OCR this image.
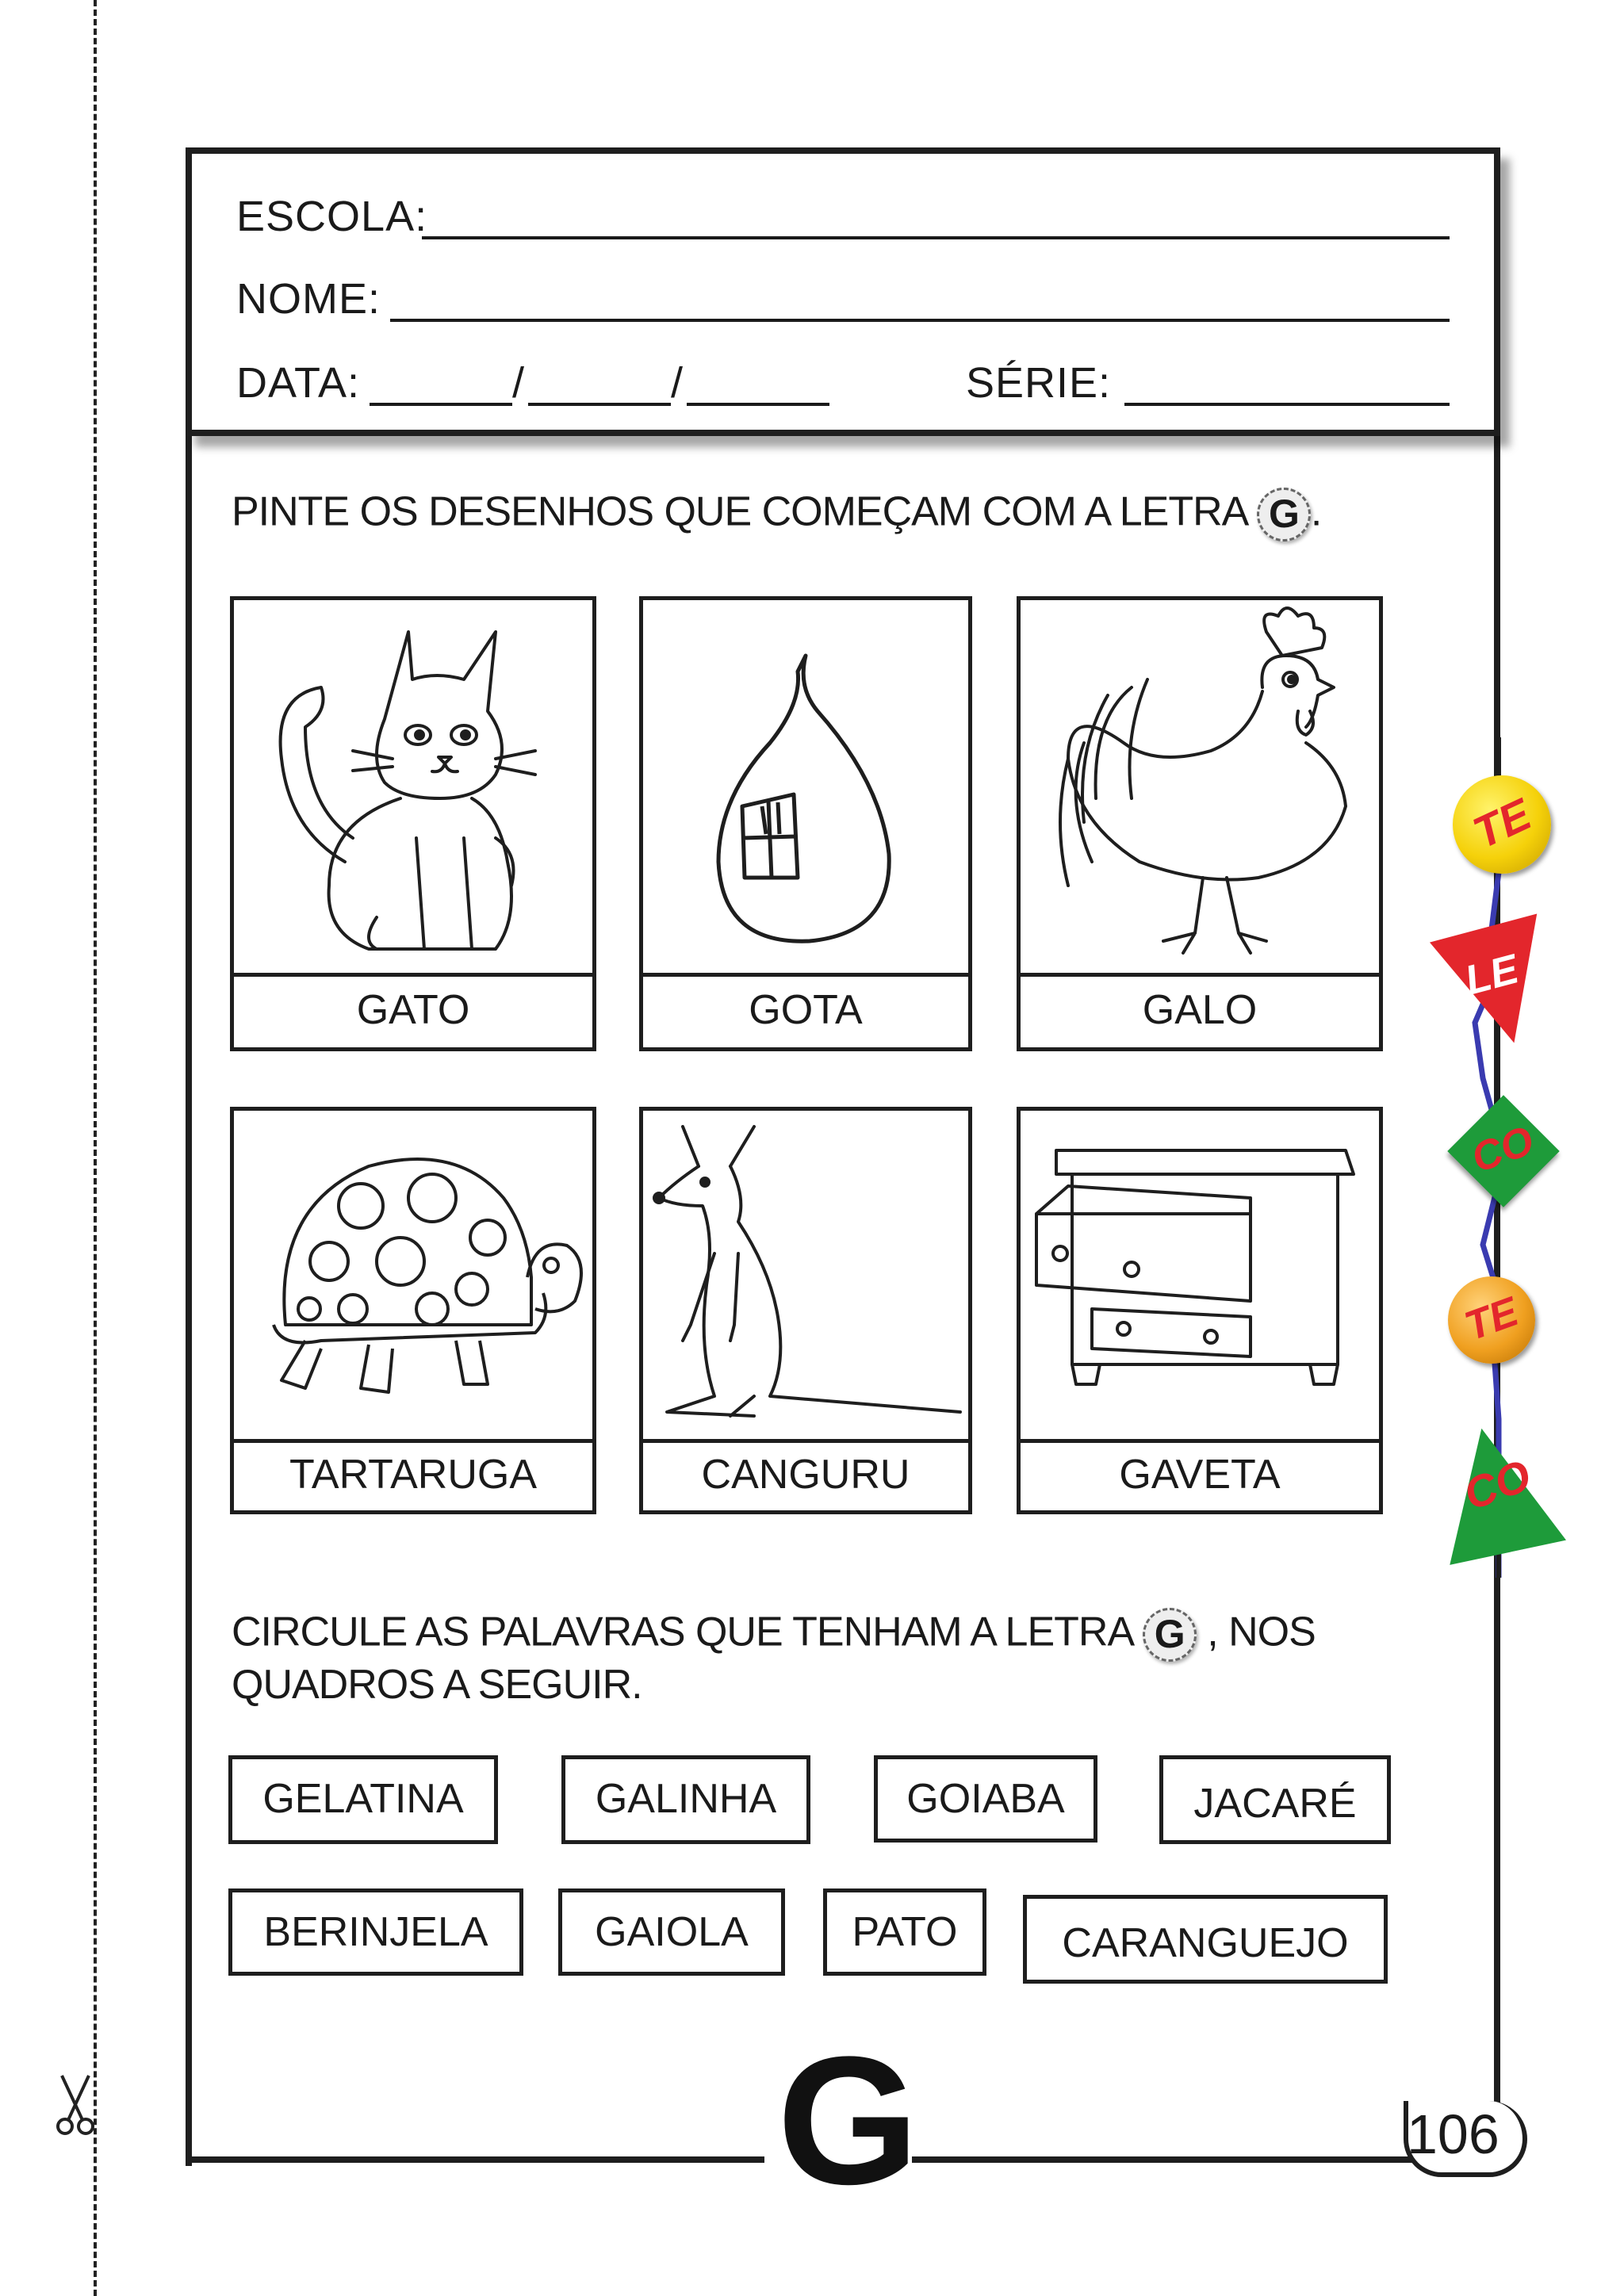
ESCOLA:
NOME:
DATA:	/	/	SÉRIE:
PINTE OS DESENHOS QUE COMEÇAM COM A LETRA G .
GATO	GOTA	GALO
TARTARUGA	CANGURU	GAVETA
CIRCULE AS PALAVRAS QUE TENHAM A LETRA G , NOS
QUADROS A SEGUIR.
GELATINA	GALINHA	GOIABA	JACARÉ
BERINJELA	GAIOLA	PATO	CARANGUEJO
TE
LE
CO
TE
CO
G	106
